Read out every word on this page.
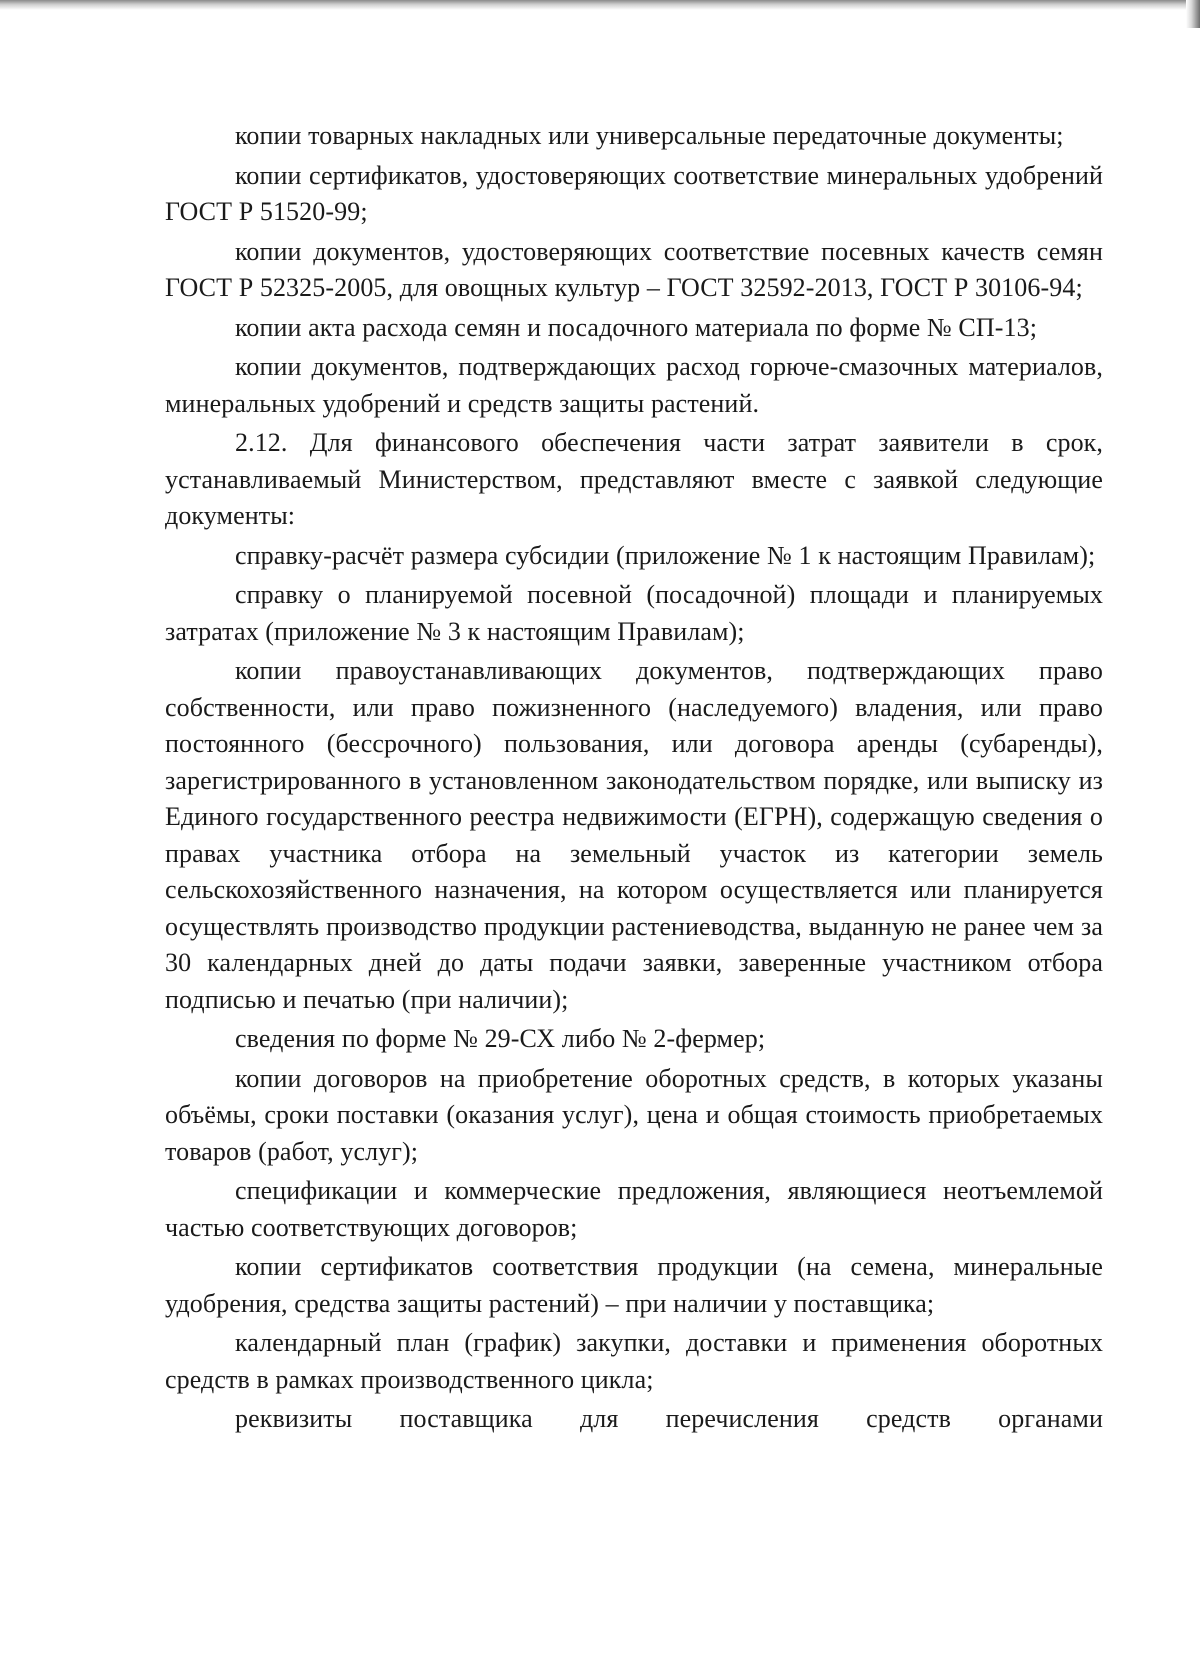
копии товарных накладных или универсальные передаточные документы;

копии сертификатов, удостоверяющих соответствие минеральных удобрений ГОСТ Р 51520-99;

копии документов, удостоверяющих соответствие посевных качеств семян ГОСТ Р 52325-2005, для овощных культур – ГОСТ 32592-2013, ГОСТ Р 30106-94;

копии акта расхода семян и посадочного материала по форме № СП-13;

копии документов, подтверждающих расход горюче-смазочных материалов, минеральных удобрений и средств защиты растений.

2.12. Для финансового обеспечения части затрат заявители в срок, устанавливаемый Министерством, представляют вместе с заявкой следующие документы:

справку-расчёт размера субсидии (приложение № 1 к настоящим Правилам);

справку о планируемой посевной (посадочной) площади и планируемых затратах (приложение № 3 к настоящим Правилам);

копии правоустанавливающих документов, подтверждающих право собственности, или право пожизненного (наследуемого) владения, или право постоянного (бессрочного) пользования, или договора аренды (субаренды), зарегистрированного в установленном законодательством порядке, или выписку из Единого государственного реестра недвижимости (ЕГРН), содержащую сведения о правах участника отбора на земельный участок из категории земель сельскохозяйственного назначения, на котором осуществляется или планируется осуществлять производство продукции растениеводства, выданную не ранее чем за 30 календарных дней до даты подачи заявки, заверенные участником отбора подписью и печатью (при наличии);

сведения по форме № 29-СХ либо № 2-фермер;

копии договоров на приобретение оборотных средств, в которых указаны объёмы, сроки поставки (оказания услуг), цена и общая стоимость приобретаемых товаров (работ, услуг);

спецификации и коммерческие предложения, являющиеся неотъемлемой частью соответствующих договоров;

копии сертификатов соответствия продукции (на семена, минеральные удобрения, средства защиты растений) – при наличии у поставщика;

календарный план (график) закупки, доставки и применения оборотных средств в рамках производственного цикла;

реквизиты поставщика для перечисления средств органами
